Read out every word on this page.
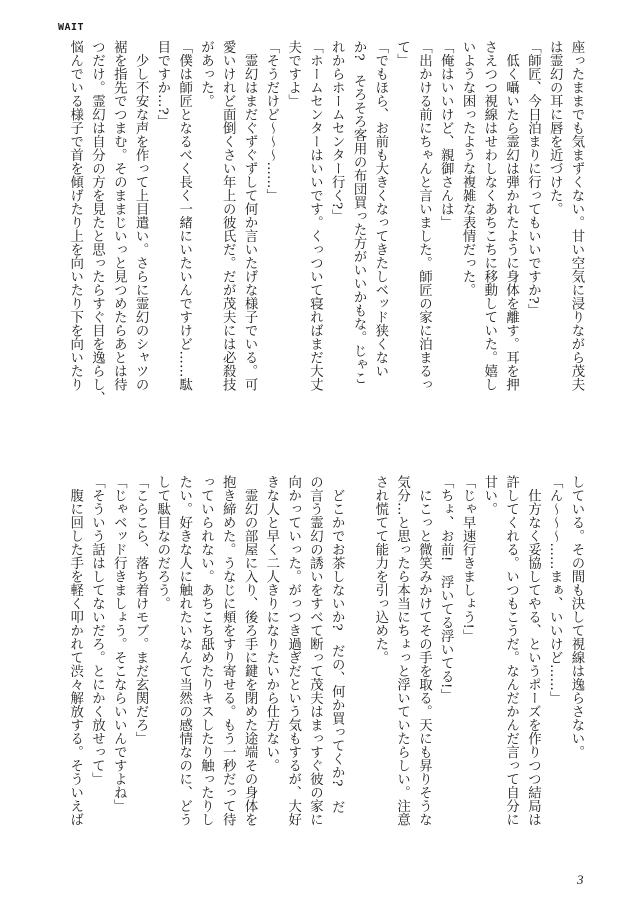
WAIT
座ったままでも気まずくない。甘い空気に浸りながら茂夫
は霊幻の耳に唇を近づけた。
「師匠、今日泊まりに行ってもいいですか?」
　低く囁いたら霊幻は弾かれたように身体を離す。耳を押
さえつつ視線はせわしなくあちこちに移動していた。嬉し
いような困ったような複雑な表情だった。
「俺はいいけど、親御さんは」
「出かける前にちゃんと言いました。師匠の家に泊まるっ
て」
「でもほら、お前も大きくなってきたしベッド狭くない
か?　そろそろ客用の布団買った方がいいかもな。じゃこ
れからホームセンター行く?」
「ホームセンターはいいです。くっついて寝ればまだ大丈
夫ですよ」
「そうだけど～～～……」
　霊幻はまだぐずぐずして何か言いたげな様子でいる。可
愛いけれど面倒くさい年上の彼氏だ。だが茂夫には必殺技
があった。
「僕は師匠となるべく長く一緒にいたいんですけど……駄
目ですか…?」
　少し不安な声を作って上目遣い。さらに霊幻のシャツの
裾を指先でつまむ。そのままじいっと見つめたらあとは待
つだけ。霊幻は自分の方を見たと思ったらすぐ目を逸らし、
悩んでいる様子で首を傾げたり上を向いたり下を向いたり
している。その間も決して視線は逸らさない。
「ん～～～……まぁ、いいけど……」
　仕方なく妥協してやる、というポーズを作りつつ結局は
許してくれる。いつもこうだ。なんだかんだ言って自分に
甘い。
「じゃ早速行きましょう!」
「ちょ、お前!　浮いてる浮いてる!」
　にこっと微笑みかけてその手を取る。天にも昇りそうな
気分…と思ったら本当にちょっと浮いていたらしい。注意
され慌てて能力を引っ込めた。

　どこかでお茶しないか?　だの、何か買ってくか?　だ
の言う霊幻の誘いをすべて断って茂夫はまっすぐ彼の家に
向かっていった。がっつき過ぎだという気もするが、大好
きな人と早く二人きりになりたいから仕方ない。
　霊幻の部屋に入り、後ろ手に鍵を閉めた途端その身体を
抱き締めた。うなじに頬をすり寄せる。もう一秒だって待
っていられない。あちこち舐めたりキスしたり触ったりし
たい。好きな人に触れたいなんて当然の感情なのに、どう
して駄目なのだろう。
「こらこら、落ち着けモブ。まだ玄関だろ」
「じゃベッド行きましょう。そこならいいんですよね」
「そういう話はしてないだろ。とにかく放せって」
　腹に回した手を軽く叩かれて渋々解放する。そういえば
3
